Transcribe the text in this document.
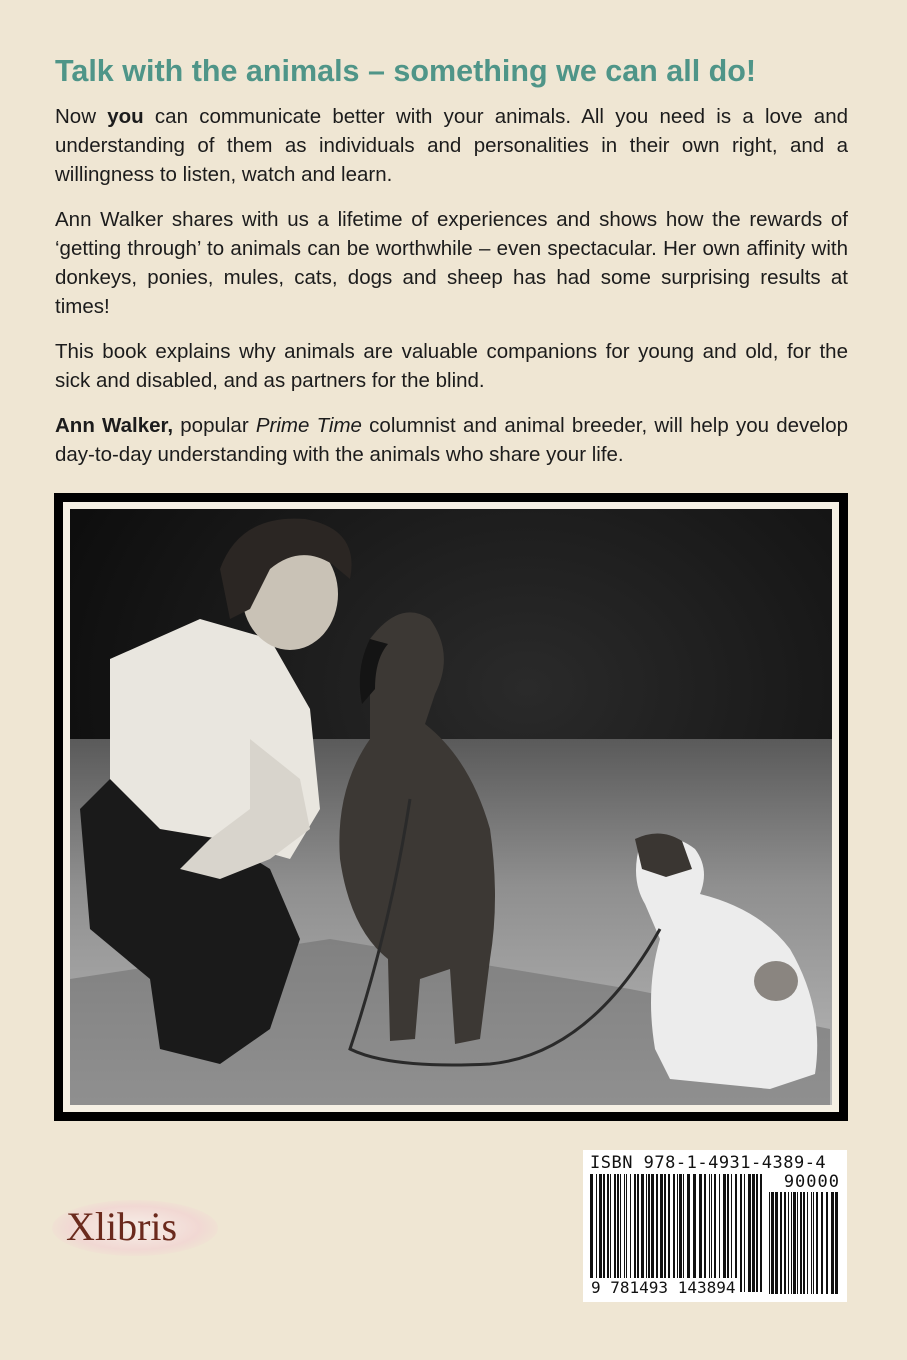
Talk with the animals – something we can all do!

Now you can communicate better with your animals. All you need is a love and understanding of them as individuals and personalities in their own right, and a willingness to listen, watch and learn.

Ann Walker shares with us a lifetime of experiences and shows how the rewards of ‘getting through’ to animals can be worthwhile – even spectacular. Her own affinity with donkeys, ponies, mules, cats, dogs and sheep has had some surprising results at times!

This book explains why animals are valuable companions for young and old, for the sick and disabled, and as partners for the blind.

Ann Walker, popular Prime Time columnist and animal breeder, will help you develop day-to-day understanding with the animals who share your life.

Xlibris
ISBN 978-1-4931-4389-4
90000
9 781493 143894
